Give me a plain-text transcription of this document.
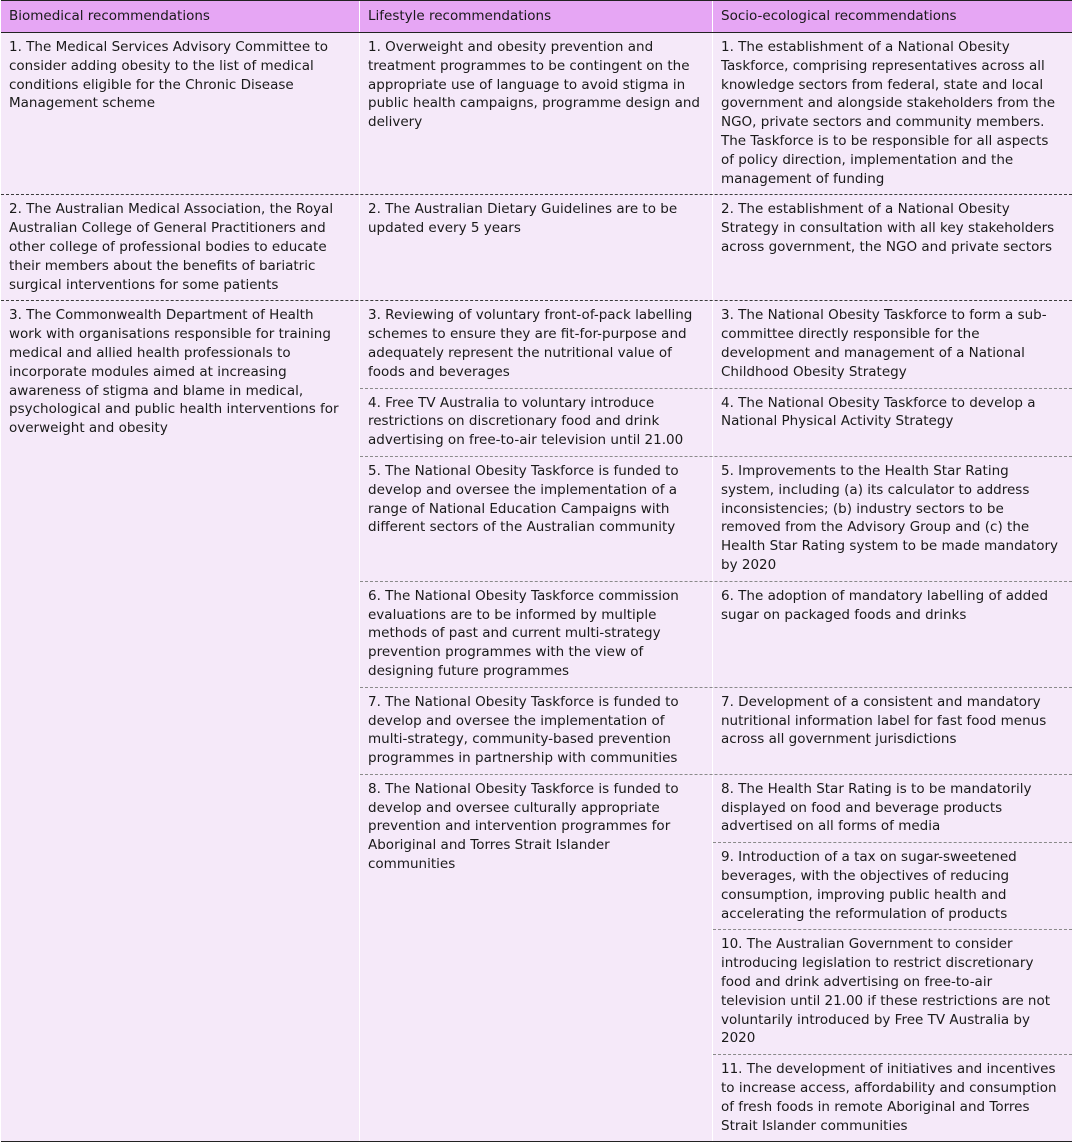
Biomedical recommendations	Lifestyle recommendations	Socio-ecological recommendations
1. The Medical Services Advisory Committee to
consider adding obesity to the list of medical
conditions eligible for the Chronic Disease
Management scheme
1. Overweight and obesity prevention and
treatment programmes to be contingent on the
appropriate use of language to avoid stigma in
public health campaigns, programme design and
delivery
1. The establishment of a National Obesity
Taskforce, comprising representatives across all
knowledge sectors from federal, state and local
government and alongside stakeholders from the
NGO, private sectors and community members.
The Taskforce is to be responsible for all aspects
of policy direction, implementation and the
management of funding
2. The Australian Medical Association, the Royal
Australian College of General Practitioners and
other college of professional bodies to educate
their members about the benefits of bariatric
surgical interventions for some patients
2. The Australian Dietary Guidelines are to be
updated every 5 years
2. The establishment of a National Obesity
Strategy in consultation with all key stakeholders
across government, the NGO and private sectors
3. The Commonwealth Department of Health
work with organisations responsible for training
medical and allied health professionals to
incorporate modules aimed at increasing
awareness of stigma and blame in medical,
psychological and public health interventions for
overweight and obesity
3. Reviewing of voluntary front-of-pack labelling
schemes to ensure they are fit-for-purpose and
adequately represent the nutritional value of
foods and beverages
3. The National Obesity Taskforce to form a sub-
committee directly responsible for the
development and management of a National
Childhood Obesity Strategy
4. Free TV Australia to voluntary introduce
restrictions on discretionary food and drink
advertising on free-to-air television until 21.00
4. The National Obesity Taskforce to develop a
National Physical Activity Strategy
5. The National Obesity Taskforce is funded to
develop and oversee the implementation of a
range of National Education Campaigns with
different sectors of the Australian community
5. Improvements to the Health Star Rating
system, including (a) its calculator to address
inconsistencies; (b) industry sectors to be
removed from the Advisory Group and (c) the
Health Star Rating system to be made mandatory
by 2020
6. The National Obesity Taskforce commission
evaluations are to be informed by multiple
methods of past and current multi-strategy
prevention programmes with the view of
designing future programmes
6. The adoption of mandatory labelling of added
sugar on packaged foods and drinks
7. The National Obesity Taskforce is funded to
develop and oversee the implementation of
multi-strategy, community-based prevention
programmes in partnership with communities
7. Development of a consistent and mandatory
nutritional information label for fast food menus
across all government jurisdictions
8. The National Obesity Taskforce is funded to
develop and oversee culturally appropriate
prevention and intervention programmes for
Aboriginal and Torres Strait Islander
communities
8. The Health Star Rating is to be mandatorily
displayed on food and beverage products
advertised on all forms of media
9. Introduction of a tax on sugar-sweetened
beverages, with the objectives of reducing
consumption, improving public health and
accelerating the reformulation of products
10. The Australian Government to consider
introducing legislation to restrict discretionary
food and drink advertising on free-to-air
television until 21.00 if these restrictions are not
voluntarily introduced by Free TV Australia by
2020
11. The development of initiatives and incentives
to increase access, affordability and consumption
of fresh foods in remote Aboriginal and Torres
Strait Islander communities
